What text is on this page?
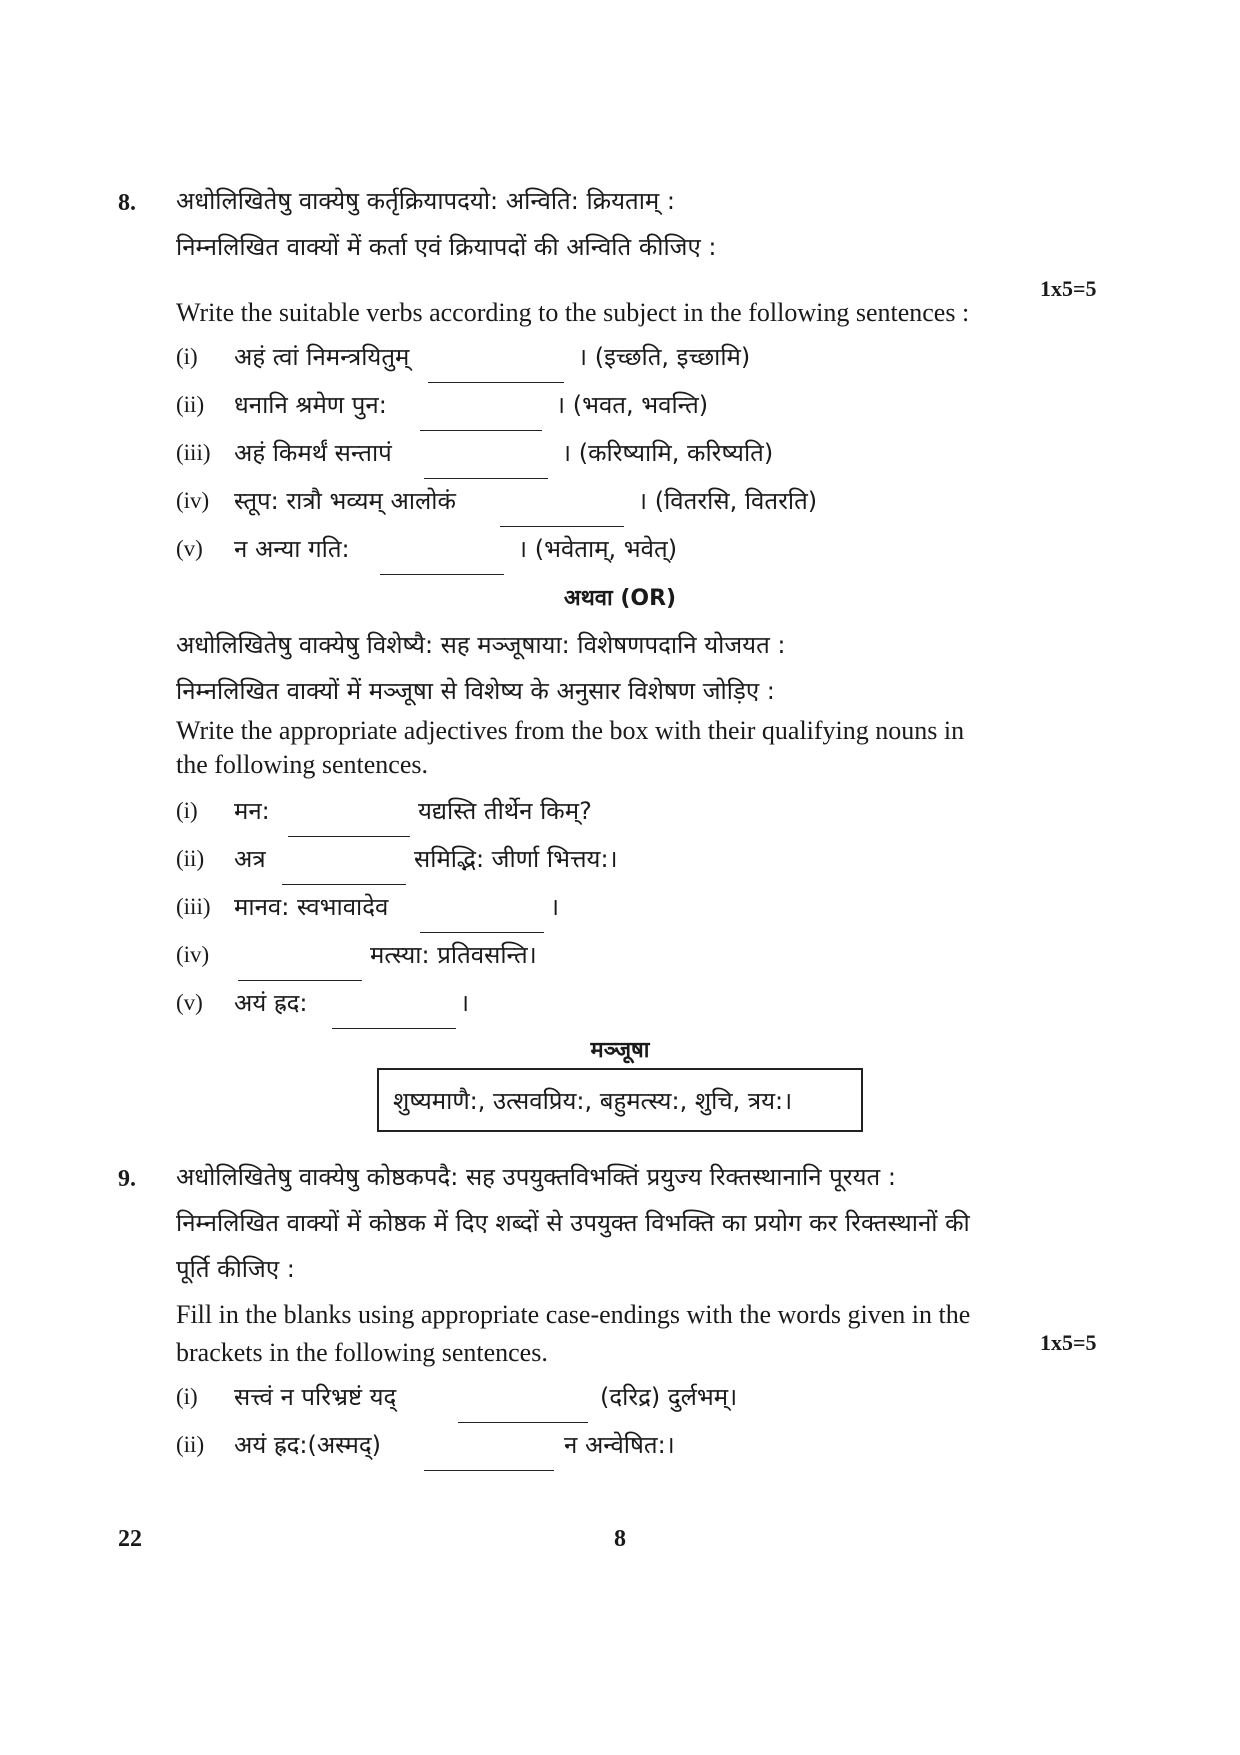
8. अधोलिखितेषु वाक्येषु कर्तृक्रियापदयो: अन्विति: क्रियताम् :
निम्नलिखित वाक्यों में कर्ता एवं क्रियापदों की अन्विति कीजिए :
1x5=5
Write the suitable verbs according to the subject in the following sentences :
(i) अहं त्वां निमन्त्रयितुम्	। (इच्छति, इच्छामि)
(ii) धनानि श्रमेण पुन:	। (भवत, भवन्ति)
(iii) अहं किमर्थं सन्तापं	। (करिष्यामि, करिष्यति)
(iv) स्तूप: रात्रौ भव्यम् आलोकं	। (वितरसि, वितरति)
(v) न अन्या गति:	। (भवेताम्, भवेत्)
अथवा (OR)
अधोलिखितेषु वाक्येषु विशेष्यै: सह मञ्जूषाया: विशेषणपदानि योजयत :
निम्नलिखित वाक्यों में मञ्जूषा से विशेष्य के अनुसार विशेषण जोड़िए :
Write the appropriate adjectives from the box with their qualifying nouns in
the following sentences.
(i) मन:	यद्यस्ति तीर्थेन किम्?
(ii) अत्र	समिद्भि: जीर्णा भित्तय:।
(iii) मानव: स्वभावादेव	।
(iv)	मत्स्या: प्रतिवसन्ति।
(v) अयं ह्रद:	।
मञ्जूषा
शुष्यमाणै:, उत्सवप्रिय:, बहुमत्स्य:, शुचि, त्रय:।
9. अधोलिखितेषु वाक्येषु कोष्ठकपदै: सह उपयुक्तविभक्तिं प्रयुज्य रिक्तस्थानानि पूरयत :
निम्नलिखित वाक्यों में कोष्ठक में दिए शब्दों से उपयुक्त विभक्ति का प्रयोग कर रिक्तस्थानों की
पूर्ति कीजिए :
Fill in the blanks using appropriate case-endings with the words given in the
brackets in the following sentences.	1x5=5
(i) सत्त्वं न परिभ्रष्टं यद्	(दरिद्र) दुर्लभम्।
(ii) अयं ह्रद:(अस्मद्)	न अन्वेषित:।
22	8
